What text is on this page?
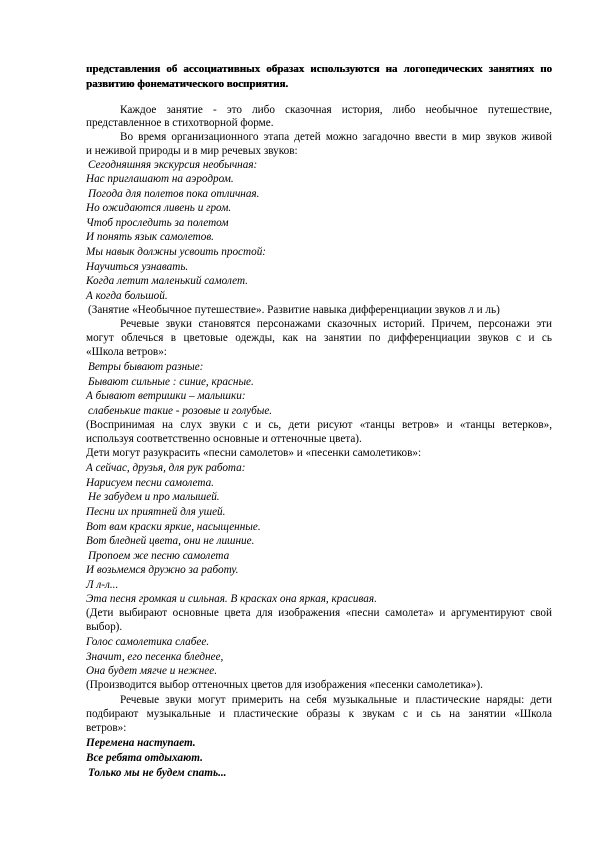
представления об ассоциативных образах используются на логопедических занятиях по
развитию фонематического восприятия.
Каждое занятие - это либо сказочная история, либо необычное путешествие,
представленное в стихотворной форме.
Во время организационного этапа детей можно загадочно ввести в мир звуков живой
и неживой природы и в мир речевых звуков:
Сегодняшняя экскурсия необычная:
Нас приглашают на аэродром.
Погода для полетов пока отличная.
Но ожидаются ливень и гром.
Чтоб проследить за полетом
И понять язык самолетов.
Мы навык должны усвоить простой:
Научиться узнавать.
Когда летит маленький самолет.
А когда большой.
(Занятие «Необычное путешествие». Развитие навыка дифференциации звуков л и ль)
Речевые звуки становятся персонажами сказочных историй. Причем, персонажи эти
могут облечься в цветовые одежды, как на занятии по дифференциации звуков с и сь
«Школа ветров»:
Ветры бывают разные:
Бывают сильные : синие, красные.
А бывают ветришки – малышки:
слабенькие такие - розовые и голубые.
(Воспринимая на слух звуки с и сь, дети рисуют «танцы ветров» и «танцы ветерков»,
используя соответственно основные и оттеночные цвета).
Дети могут разукрасить «песни самолетов» и «песенки самолетиков»:
А сейчас, друзья, для рук работа:
Нарисуем песни самолета.
Не забудем и про малышей.
Песни их приятней для ушей.
Вот вам краски яркие, насыщенные.
Вот бледней цвета, они не лишние.
Пропоем же песню самолета
И возьмемся дружно за работу.
Л л-л...
Эта песня громкая и сильная. В красках она яркая, красивая.
(Дети выбирают основные цвета для изображения «песни самолета» и аргументируют свой
выбор).
Голос самолетика слабее.
Значит, его песенка бледнее,
Она будет мягче и нежнее.
(Производится выбор оттеночных цветов для изображения «песенки самолетика»).
Речевые звуки могут примерить на себя музыкальные и пластические наряды: дети
подбирают музыкальные и пластические образы к звукам с и сь на занятии «Школа
ветров»:
Перемена наступает.
Все ребята отдыхают.
Только мы не будем спать...
